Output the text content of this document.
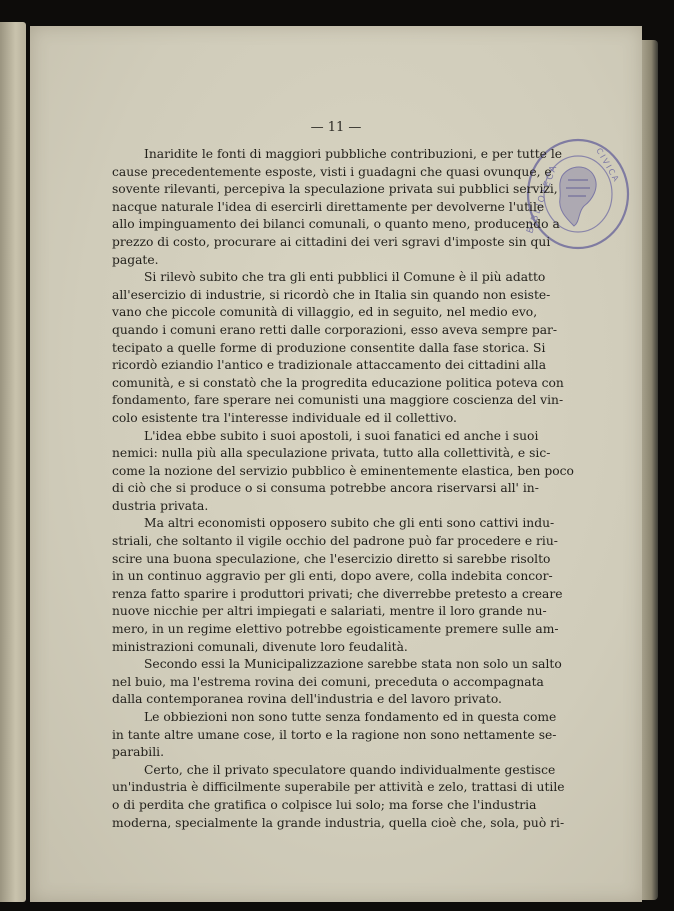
— 11 —
BIBLIOTECA	CIVICA
Inaridite le fonti di maggiori pubbliche contribuzioni, e per tutte le
cause precedentemente esposte, visti i guadagni che quasi ovunque, e
sovente rilevanti, percepiva la speculazione privata sui pubblici servizi,
nacque naturale l'idea di esercirli direttamente per devolverne l'utile
allo impinguamento dei bilanci comunali, o quanto meno, producendo a
prezzo di costo, procurare ai cittadini dei veri sgravi d'imposte sin qui
pagate.
Si rilevò subito che tra gli enti pubblici il Comune è il più adatto
all'esercizio di industrie, si ricordò che in Italia sin quando non esiste-
vano che piccole comunità di villaggio, ed in seguito, nel medio evo,
quando i comuni erano retti dalle corporazioni, esso aveva sempre par-
tecipato a quelle forme di produzione consentite dalla fase storica. Si
ricordò eziandio l'antico e tradizionale attaccamento dei cittadini alla
comunità, e si constatò che la progredita educazione politica poteva con
fondamento, fare sperare nei comunisti una maggiore coscienza del vin-
colo esistente tra l'interesse individuale ed il collettivo.
L'idea ebbe subito i suoi apostoli, i suoi fanatici ed anche i suoi
nemici: nulla più alla speculazione privata, tutto alla collettività, e sic-
come la nozione del servizio pubblico è eminentemente elastica, ben poco
di ciò che si produce o si consuma potrebbe ancora riservarsi all' in-
dustria privata.
Ma altri economisti opposero subito che gli enti sono cattivi indu-
striali, che soltanto il vigile occhio del padrone può far procedere e riu-
scire una buona speculazione, che l'esercizio diretto si sarebbe risolto
in un continuo aggravio per gli enti, dopo avere, colla indebita concor-
renza fatto sparire i produttori privati; che diverrebbe pretesto a creare
nuove nicchie per altri impiegati e salariati, mentre il loro grande nu-
mero, in un regime elettivo potrebbe egoisticamente premere sulle am-
ministrazioni comunali, divenute loro feudalità.
Secondo essi la Municipalizzazione sarebbe stata non solo un salto
nel buio, ma l'estrema rovina dei comuni, preceduta o accompagnata
dalla contemporanea rovina dell'industria e del lavoro privato.
Le obbiezioni non sono tutte senza fondamento ed in questa come
in tante altre umane cose, il torto e la ragione non sono nettamente se-
parabili.
Certo, che il privato speculatore quando individualmente gestisce
un'industria è difficilmente superabile per attività e zelo, trattasi di utile
o di perdita che gratifica o colpisce lui solo; ma forse che l'industria
moderna, specialmente la grande industria, quella cioè che, sola, può ri-
